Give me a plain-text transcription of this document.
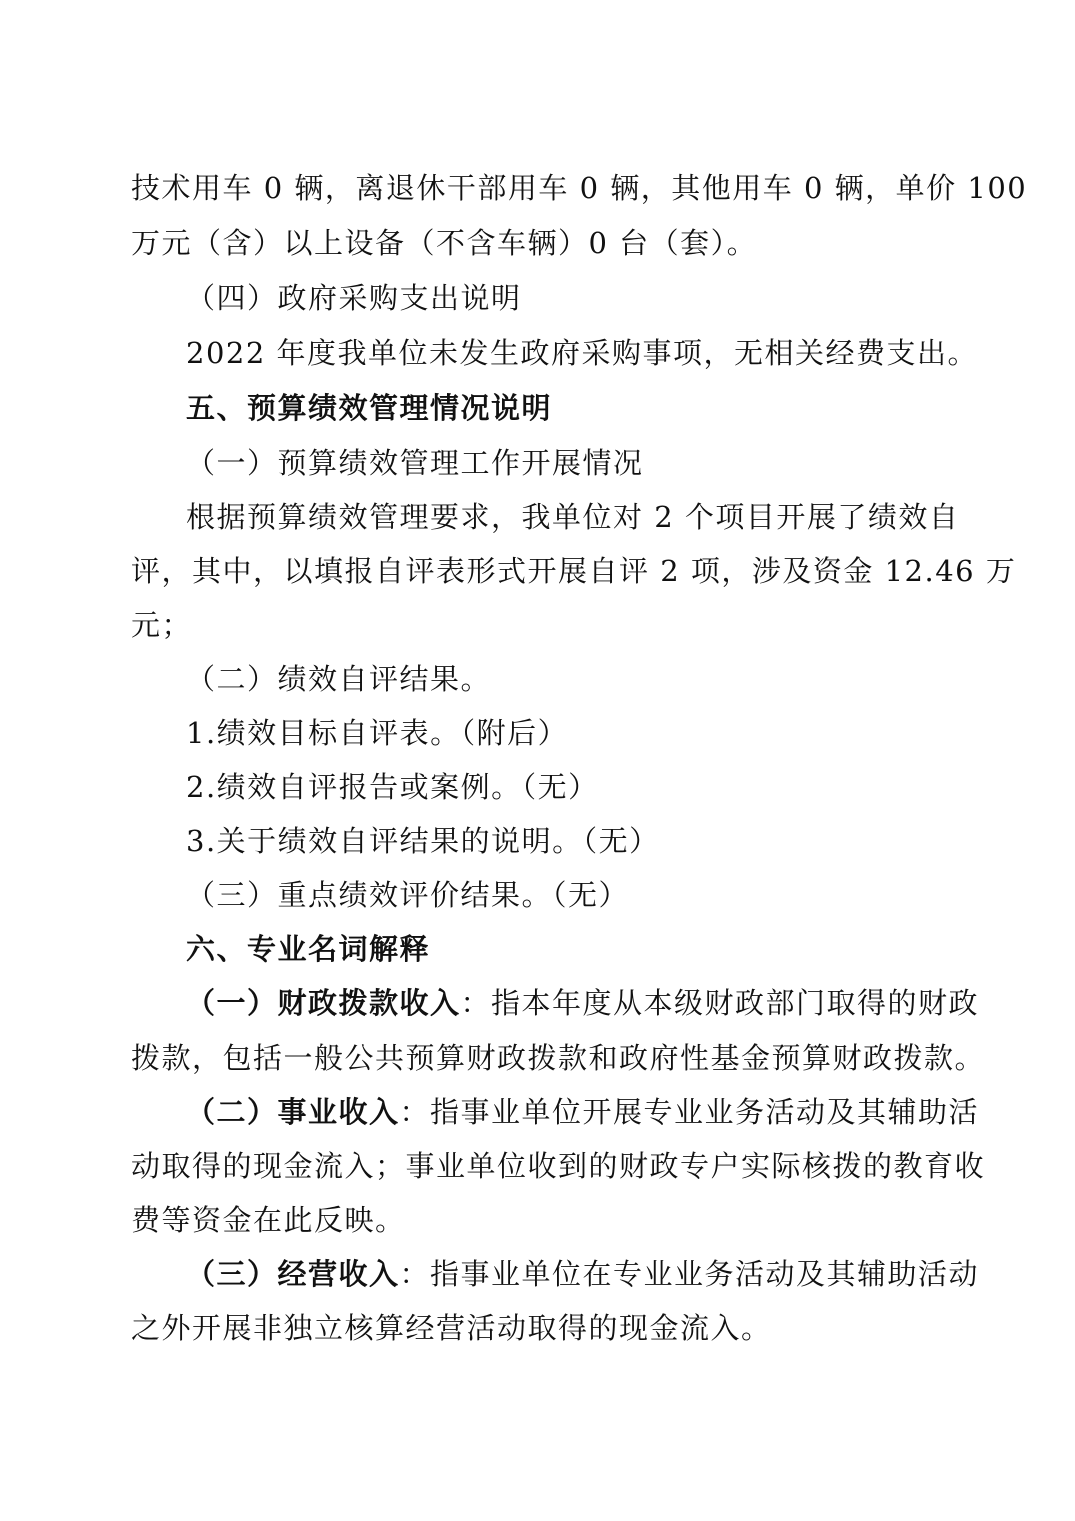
技术用车 0 辆，离退休干部用车 0 辆，其他用车 0 辆，单价 100
万元（含）以上设备（不含车辆）0 台（套）。
（四）政府采购支出说明
2022 年度我单位未发生政府采购事项，无相关经费支出。
五、预算绩效管理情况说明
（一）预算绩效管理工作开展情况
根据预算绩效管理要求，我单位对 2 个项目开展了绩效自
评，其中，以填报自评表形式开展自评 2 项，涉及资金 12.46 万
元；
（二）绩效自评结果。
1.绩效目标自评表。（附后）
2.绩效自评报告或案例。（无）
3.关于绩效自评结果的说明。（无）
（三）重点绩效评价结果。（无）
六、专业名词解释
（一）财政拨款收入：指本年度从本级财政部门取得的财政
拨款，包括一般公共预算财政拨款和政府性基金预算财政拨款。
（二）事业收入：指事业单位开展专业业务活动及其辅助活
动取得的现金流入；事业单位收到的财政专户实际核拨的教育收
费等资金在此反映。
（三）经营收入：指事业单位在专业业务活动及其辅助活动
之外开展非独立核算经营活动取得的现金流入。
